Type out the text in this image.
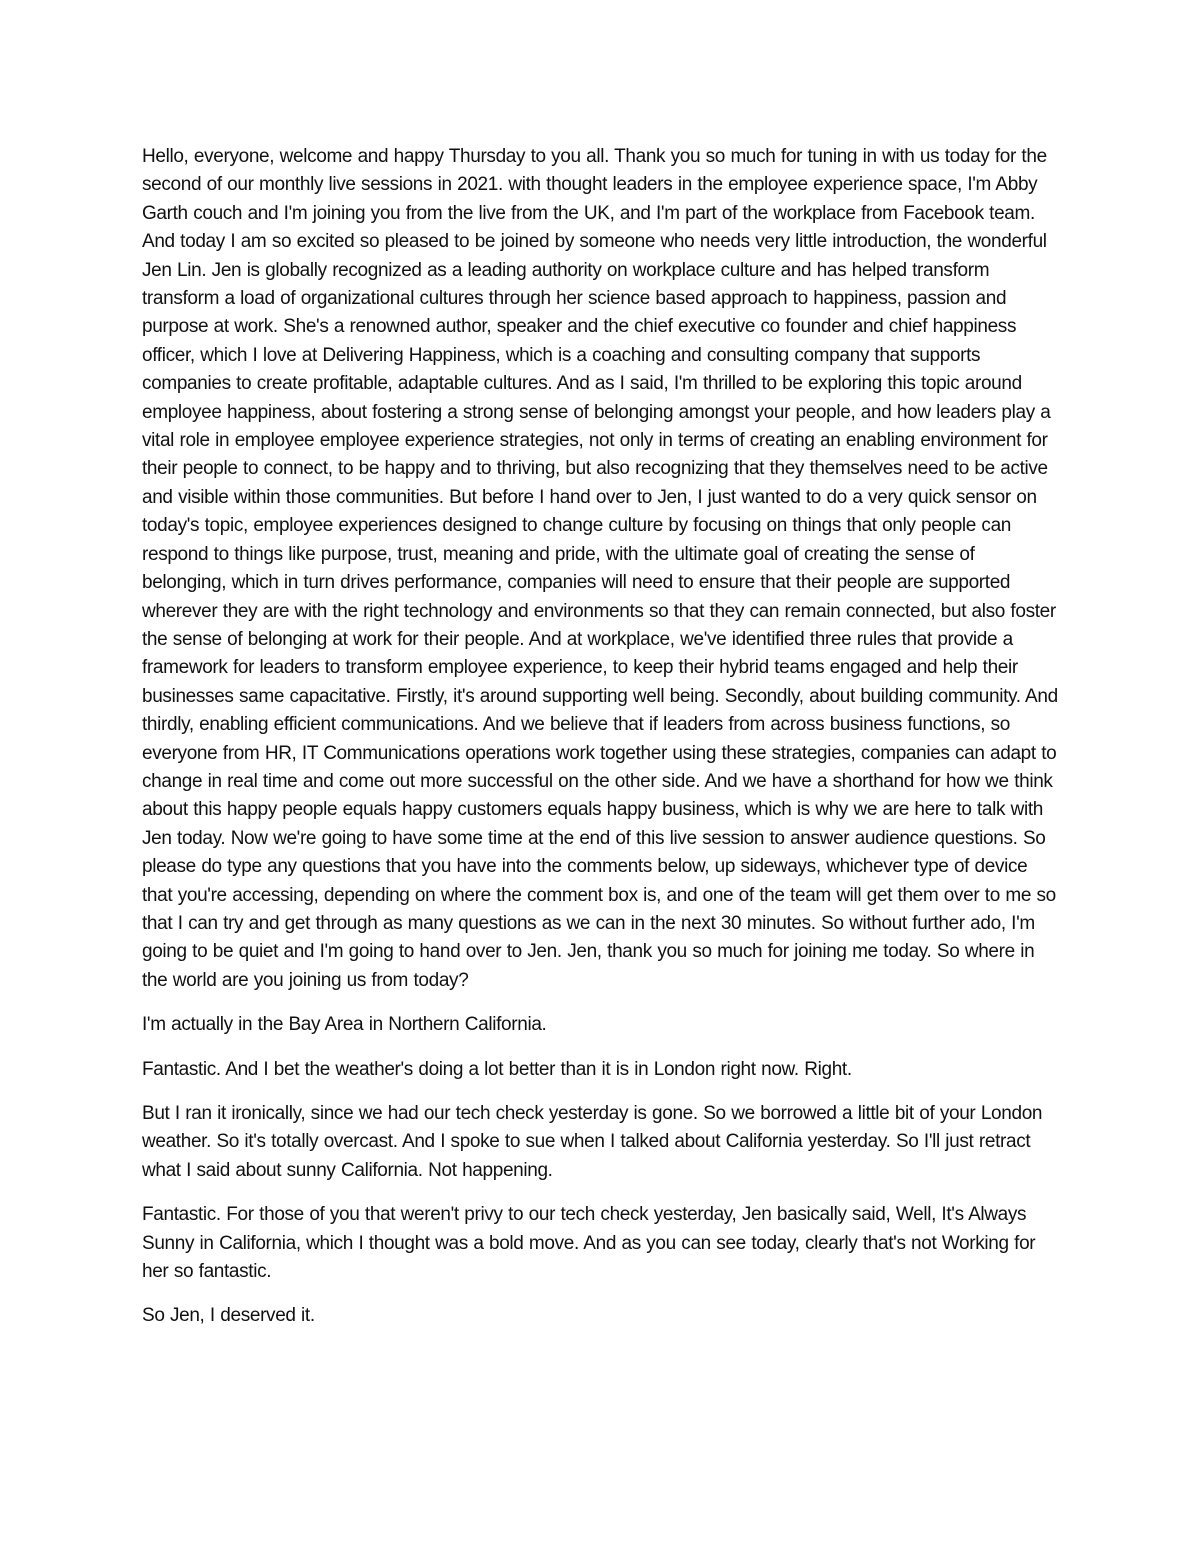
Hello, everyone, welcome and happy Thursday to you all. Thank you so much for tuning in with us today for the second of our monthly live sessions in 2021. with thought leaders in the employee experience space, I'm Abby Garth couch and I'm joining you from the live from the UK, and I'm part of the workplace from Facebook team. And today I am so excited so pleased to be joined by someone who needs very little introduction, the wonderful Jen Lin. Jen is globally recognized as a leading authority on workplace culture and has helped transform transform a load of organizational cultures through her science based approach to happiness, passion and purpose at work. She's a renowned author, speaker and the chief executive co founder and chief happiness officer, which I love at Delivering Happiness, which is a coaching and consulting company that supports companies to create profitable, adaptable cultures. And as I said, I'm thrilled to be exploring this topic around employee happiness, about fostering a strong sense of belonging amongst your people, and how leaders play a vital role in employee employee experience strategies, not only in terms of creating an enabling environment for their people to connect, to be happy and to thriving, but also recognizing that they themselves need to be active and visible within those communities. But before I hand over to Jen, I just wanted to do a very quick sensor on today's topic, employee experiences designed to change culture by focusing on things that only people can respond to things like purpose, trust, meaning and pride, with the ultimate goal of creating the sense of belonging, which in turn drives performance, companies will need to ensure that their people are supported wherever they are with the right technology and environments so that they can remain connected, but also foster the sense of belonging at work for their people. And at workplace, we've identified three rules that provide a framework for leaders to transform employee experience, to keep their hybrid teams engaged and help their businesses same capacitative. Firstly, it's around supporting well being. Secondly, about building community. And thirdly, enabling efficient communications. And we believe that if leaders from across business functions, so everyone from HR, IT Communications operations work together using these strategies, companies can adapt to change in real time and come out more successful on the other side. And we have a shorthand for how we think about this happy people equals happy customers equals happy business, which is why we are here to talk with Jen today. Now we're going to have some time at the end of this live session to answer audience questions. So please do type any questions that you have into the comments below, up sideways, whichever type of device that you're accessing, depending on where the comment box is, and one of the team will get them over to me so that I can try and get through as many questions as we can in the next 30 minutes. So without further ado, I'm going to be quiet and I'm going to hand over to Jen. Jen, thank you so much for joining me today. So where in the world are you joining us from today?

I'm actually in the Bay Area in Northern California.

Fantastic. And I bet the weather's doing a lot better than it is in London right now. Right.

But I ran it ironically, since we had our tech check yesterday is gone. So we borrowed a little bit of your London weather. So it's totally overcast. And I spoke to sue when I talked about California yesterday. So I'll just retract what I said about sunny California. Not happening.

Fantastic. For those of you that weren't privy to our tech check yesterday, Jen basically said, Well, It's Always Sunny in California, which I thought was a bold move. And as you can see today, clearly that's not Working for her so fantastic.

So Jen, I deserved it.
